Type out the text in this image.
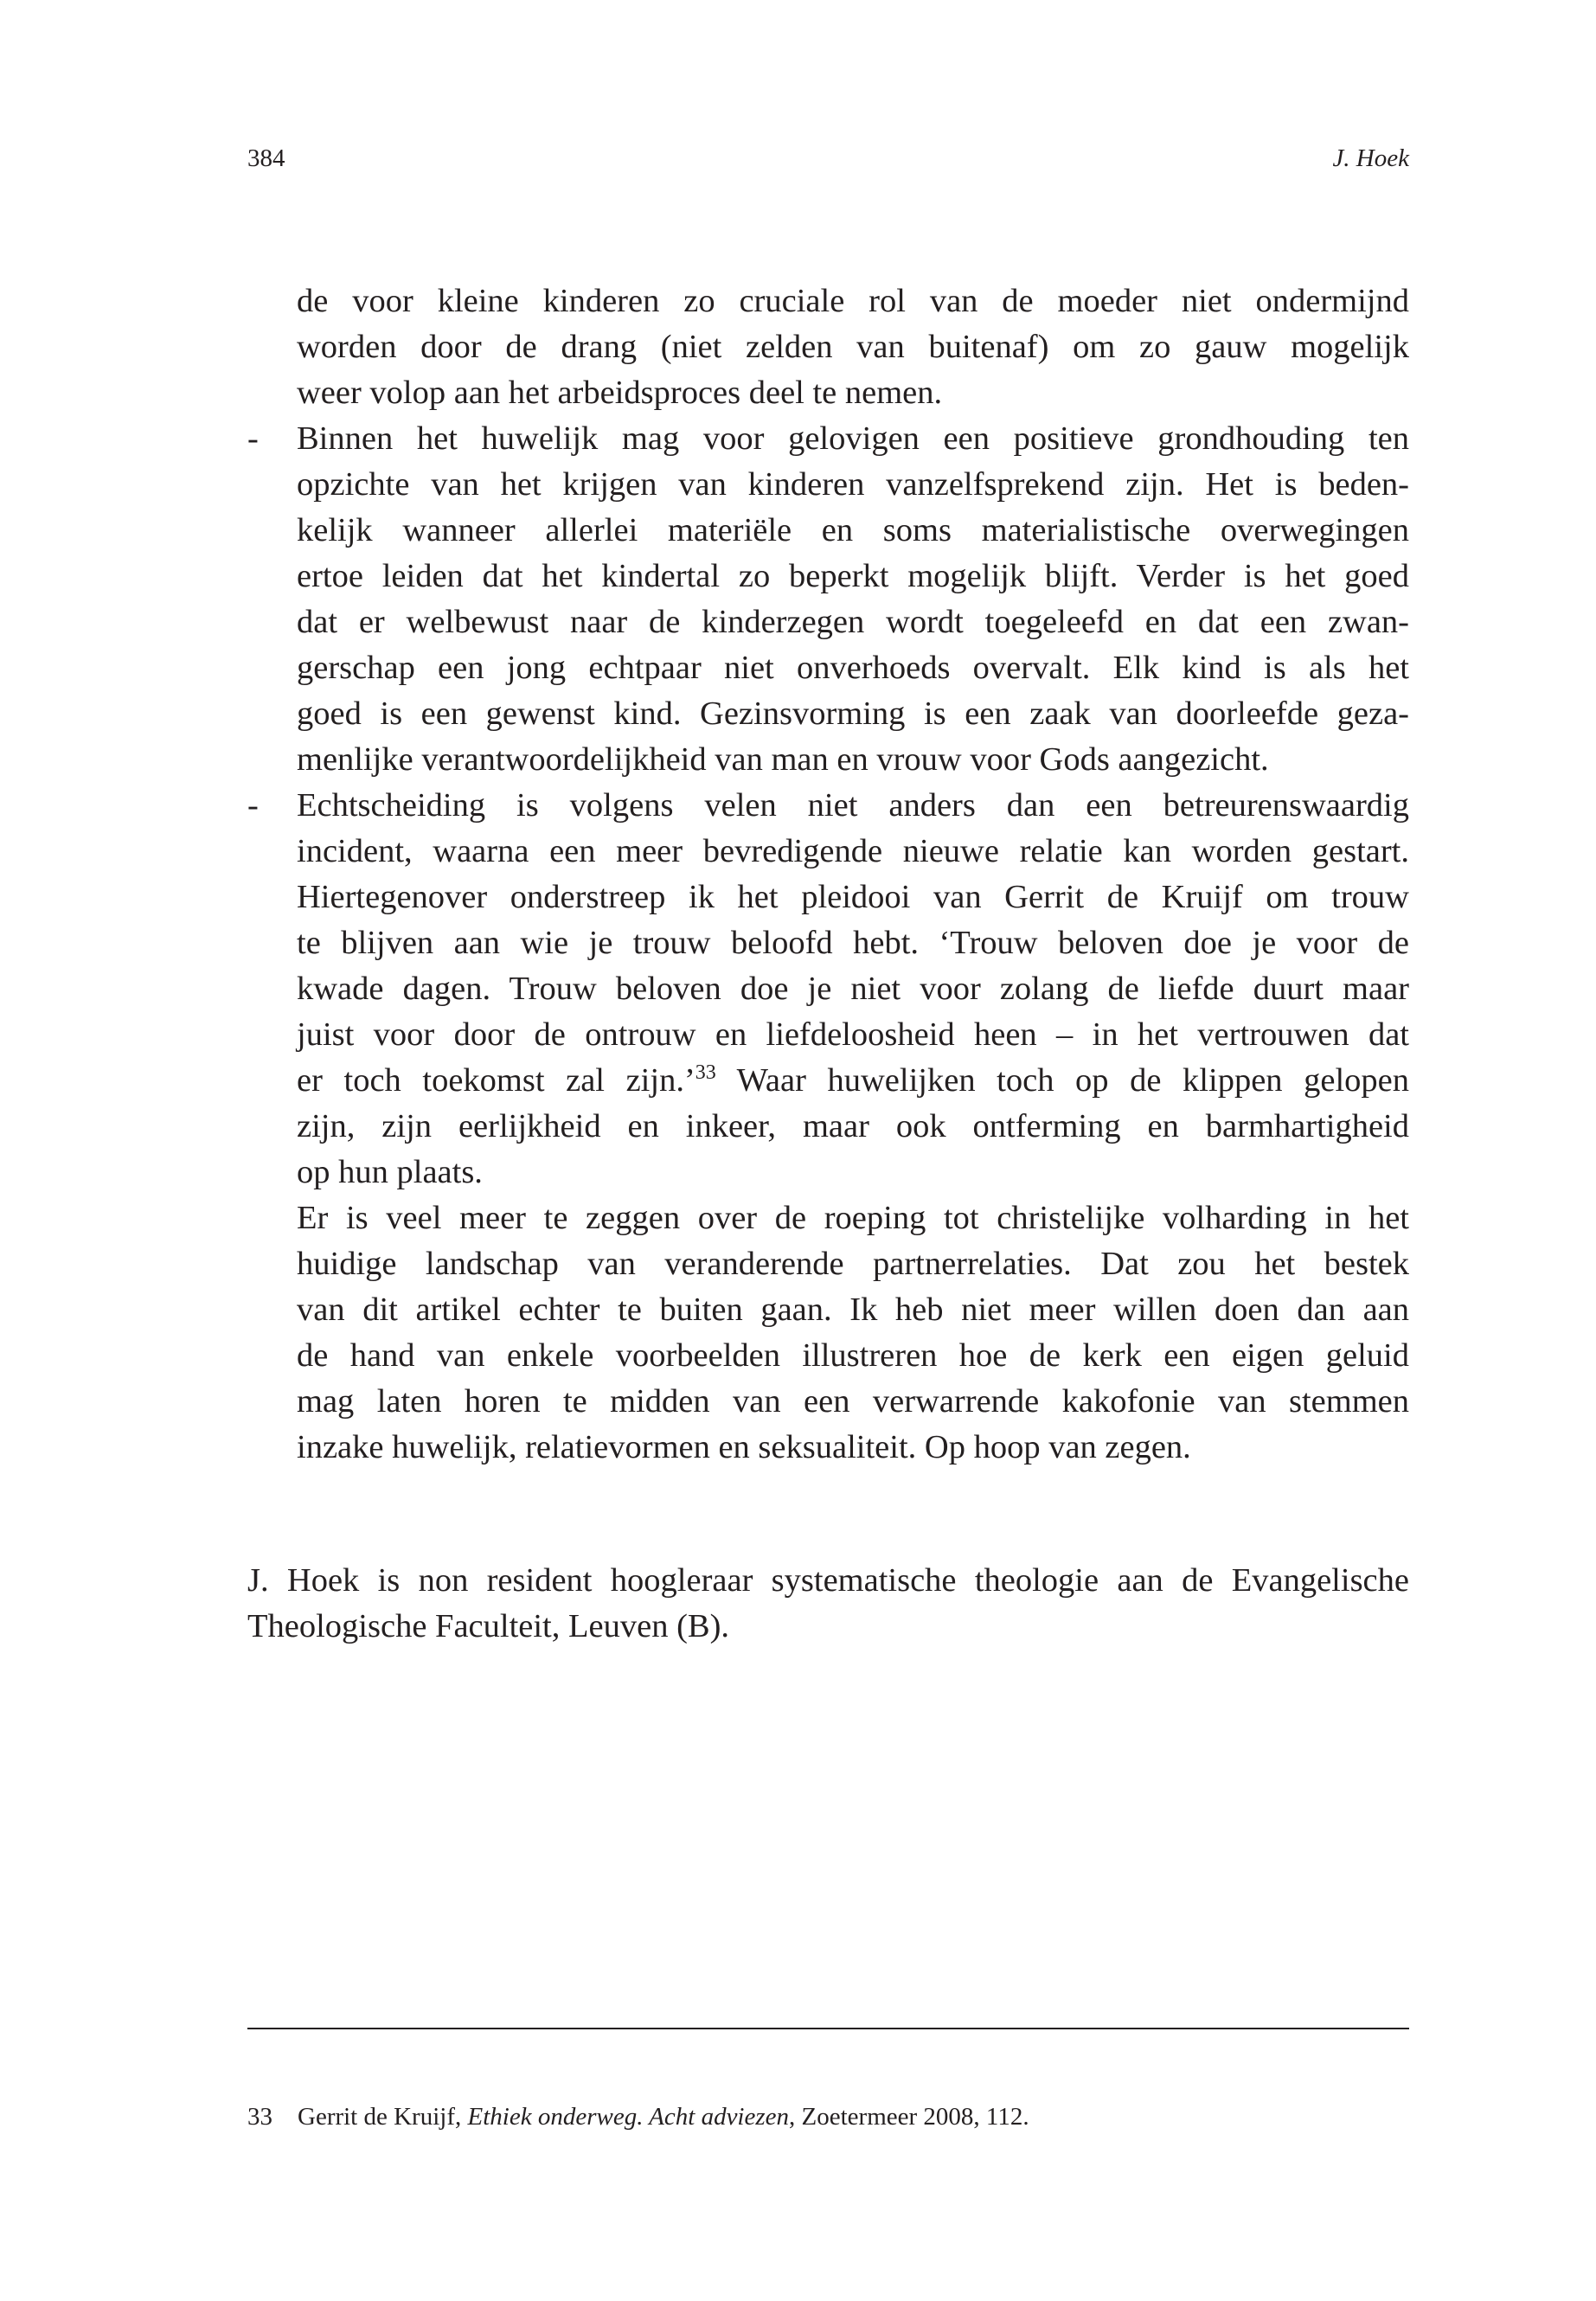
384	J. Hoek
de voor kleine kinderen zo cruciale rol van de moeder niet ondermijnd
worden door de drang (niet zelden van buitenaf) om zo gauw mogelijk
weer volop aan het arbeidsproces deel te nemen.
- Binnen het huwelijk mag voor gelovigen een positieve grondhouding ten
opzichte van het krijgen van kinderen vanzelfsprekend zijn. Het is beden-
kelijk wanneer allerlei materiële en soms materialistische overwegingen
ertoe leiden dat het kindertal zo beperkt mogelijk blijft. Verder is het goed
dat er welbewust naar de kinderzegen wordt toegeleefd en dat een zwan-
gerschap een jong echtpaar niet onverhoeds overvalt. Elk kind is als het
goed is een gewenst kind. Gezinsvorming is een zaak van doorleefde geza-
menlijke verantwoordelijkheid van man en vrouw voor Gods aangezicht.
- Echtscheiding is volgens velen niet anders dan een betreurenswaardig
incident, waarna een meer bevredigende nieuwe relatie kan worden gestart.
Hiertegenover onderstreep ik het pleidooi van Gerrit de Kruijf om trouw
te blijven aan wie je trouw beloofd hebt. ‘Trouw beloven doe je voor de
kwade dagen. Trouw beloven doe je niet voor zolang de liefde duurt maar
juist voor door de ontrouw en liefdeloosheid heen – in het vertrouwen dat
er toch toekomst zal zijn.’$^{33}$ Waar huwelijken toch op de klippen gelopen
zijn, zijn eerlijkheid en inkeer, maar ook ontferming en barmhartigheid
op hun plaats.
Er is veel meer te zeggen over de roeping tot christelijke volharding in het
huidige landschap van veranderende partnerrelaties. Dat zou het bestek
van dit artikel echter te buiten gaan. Ik heb niet meer willen doen dan aan
de hand van enkele voorbeelden illustreren hoe de kerk een eigen geluid
mag laten horen te midden van een verwarrende kakofonie van stemmen
inzake huwelijk, relatievormen en seksualiteit. Op hoop van zegen.
J. Hoek is non resident hoogleraar systematische theologie aan de Evangelische
Theologische Faculteit, Leuven (B).
33 Gerrit de Kruijf, Ethiek onderweg. Acht adviezen, Zoetermeer 2008, 112.
